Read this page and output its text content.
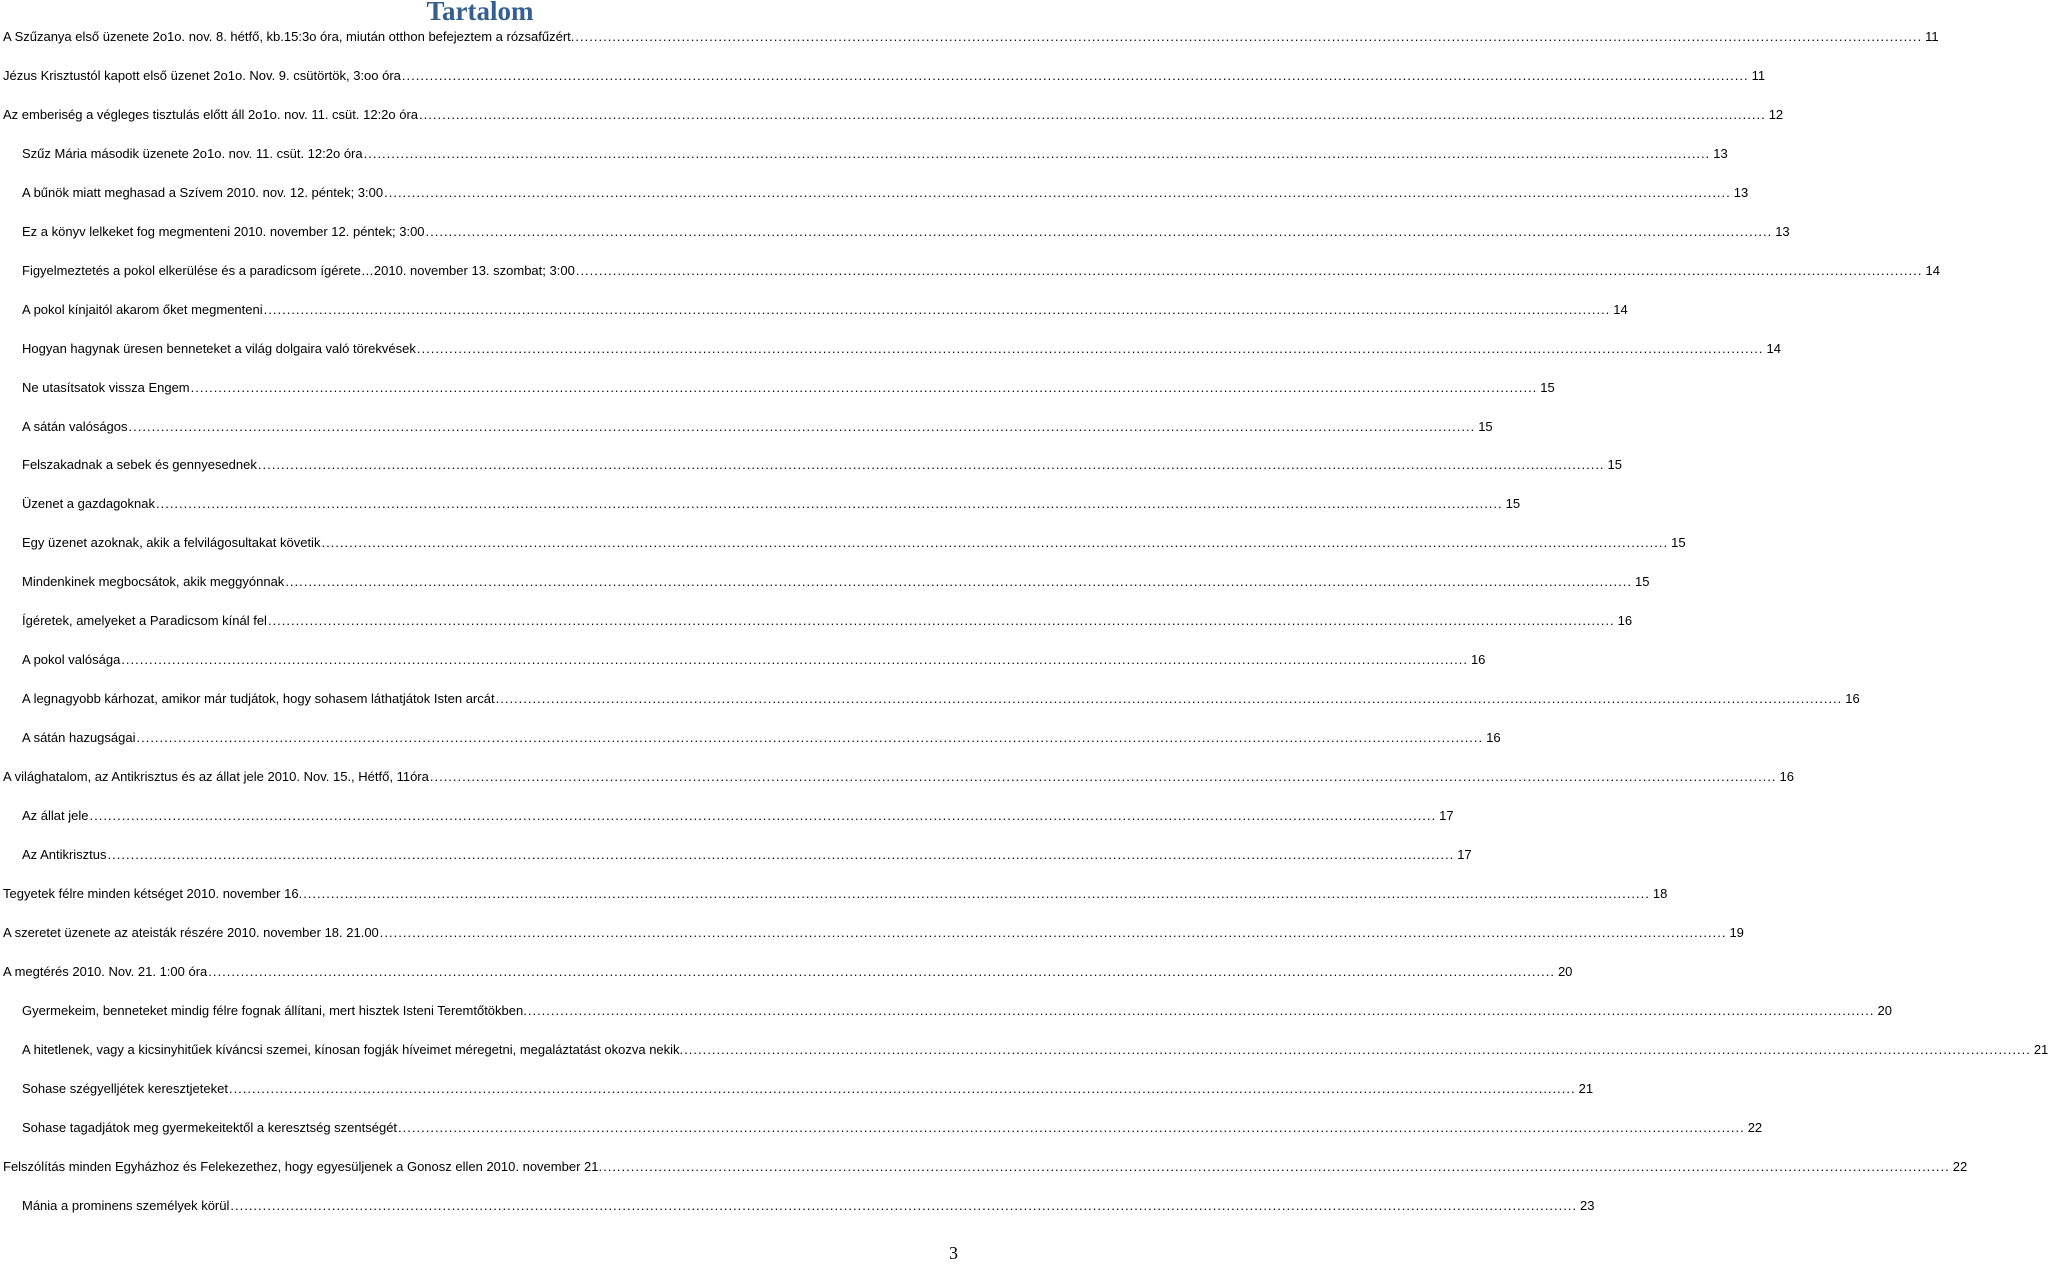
Tartalom
A Szűzanya első üzenete 2o1o. nov. 8. hétfő, kb.15:3o óra, miután otthon befejeztem a rózsafűzért. .....	11
Jézus Krisztustól kapott első üzenet 2o1o. Nov. 9. csütörtök, 3:oo óra .....	11
Az emberiség a végleges tisztulás előtt áll 2o1o. nov. 11. csüt. 12:2o óra .....	12
Szűz Mária második üzenete 2o1o. nov. 11. csüt. 12:2o óra .....	13
A bűnök miatt meghasad a Szívem 2010. nov. 12. péntek; 3:00 .....	13
Ez a könyv lelkeket fog megmenteni 2010. november 12. péntek; 3:00 .....	13
Figyelmeztetés a pokol elkerülése és a paradicsom ígérete…2010. november 13. szombat; 3:00 .....	14
A pokol kínjaitól akarom őket megmenteni .....	14
Hogyan hagynak üresen benneteket a világ dolgaira való törekvések .....	14
Ne utasítsatok vissza Engem .....	15
A sátán valóságos .....	15
Felszakadnak a sebek és gennyesednek .....	15
Üzenet a gazdagoknak .....	15
Egy üzenet azoknak, akik a felvilágosultakat követik .....	15
Mindenkinek megbocsátok, akik meggyónnak .....	15
Ígéretek, amelyeket a Paradicsom kínál fel .....	16
A pokol valósága .....	16
A legnagyobb kárhozat, amikor már tudjátok, hogy sohasem láthatjátok Isten arcát .....	16
A sátán hazugságai .....	16
A világhatalom, az Antikrisztus és az állat jele 2010. Nov. 15., Hétfő, 11óra .....	16
Az állat jele .....	17
Az Antikrisztus .....	17
Tegyetek félre minden kétséget 2010. november 16. .....	18
A szeretet üzenete az ateisták részére 2010. november 18. 21.00 .....	19
A megtérés 2010. Nov. 21. 1:00 óra .....	20
Gyermekeim, benneteket mindig félre fognak állítani, mert hisztek Isteni Teremtőtökben. .....	20
A hitetlenek, vagy a kicsinyhitűek kíváncsi szemei, kínosan fogják híveimet méregetni, megaláztatást okozva nekik. .....	21
Sohase szégyelljétek keresztjeteket .....	21
Sohase tagadjátok meg gyermekeitektől a keresztség szentségét .....	22
Felszólítás minden Egyházhoz és Felekezethez, hogy egyesüljenek a Gonosz ellen 2010. november 21. .....	22
Mánia a prominens személyek körül .....	23
3
